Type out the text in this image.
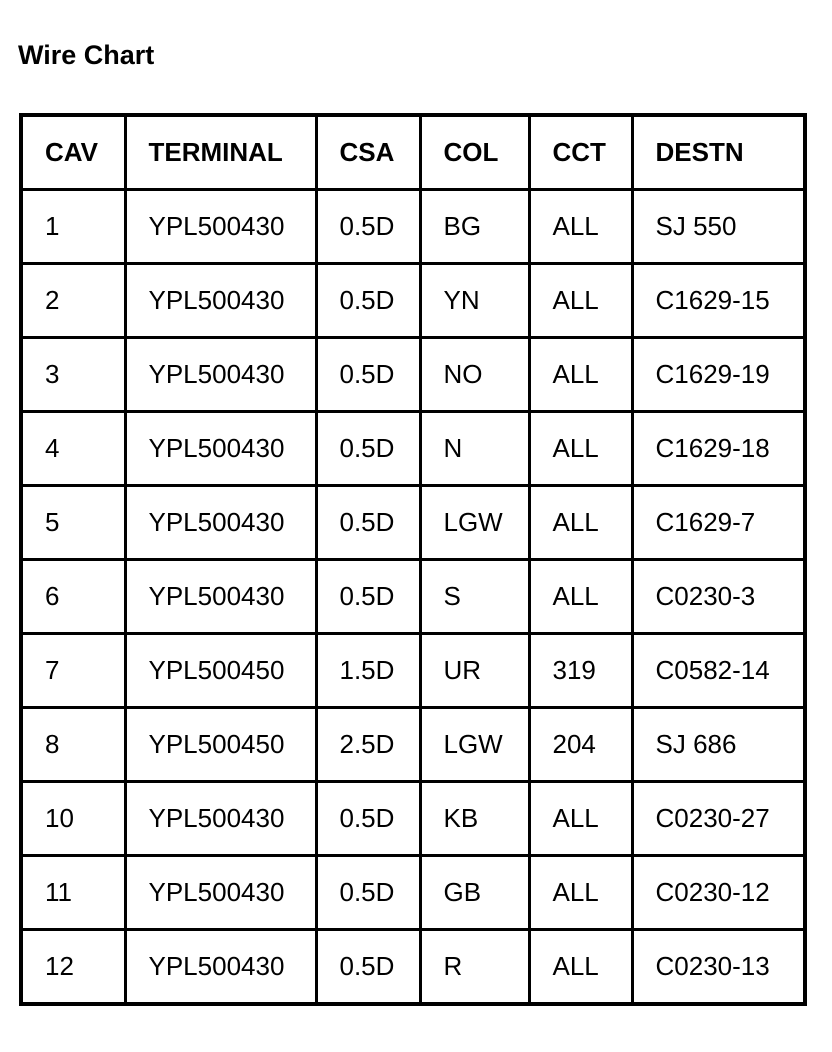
Wire Chart
CAV	TERMINAL	CSA	COL	CCT	DESTN
1	YPL500430	0.5D	BG	ALL	SJ 550
2	YPL500430	0.5D	YN	ALL	C1629-15
3	YPL500430	0.5D	NO	ALL	C1629-19
4	YPL500430	0.5D	N	ALL	C1629-18
5	YPL500430	0.5D	LGW	ALL	C1629-7
6	YPL500430	0.5D	S	ALL	C0230-3
7	YPL500450	1.5D	UR	319	C0582-14
8	YPL500450	2.5D	LGW	204	SJ 686
10	YPL500430	0.5D	KB	ALL	C0230-27
11	YPL500430	0.5D	GB	ALL	C0230-12
12	YPL500430	0.5D	R	ALL	C0230-13
